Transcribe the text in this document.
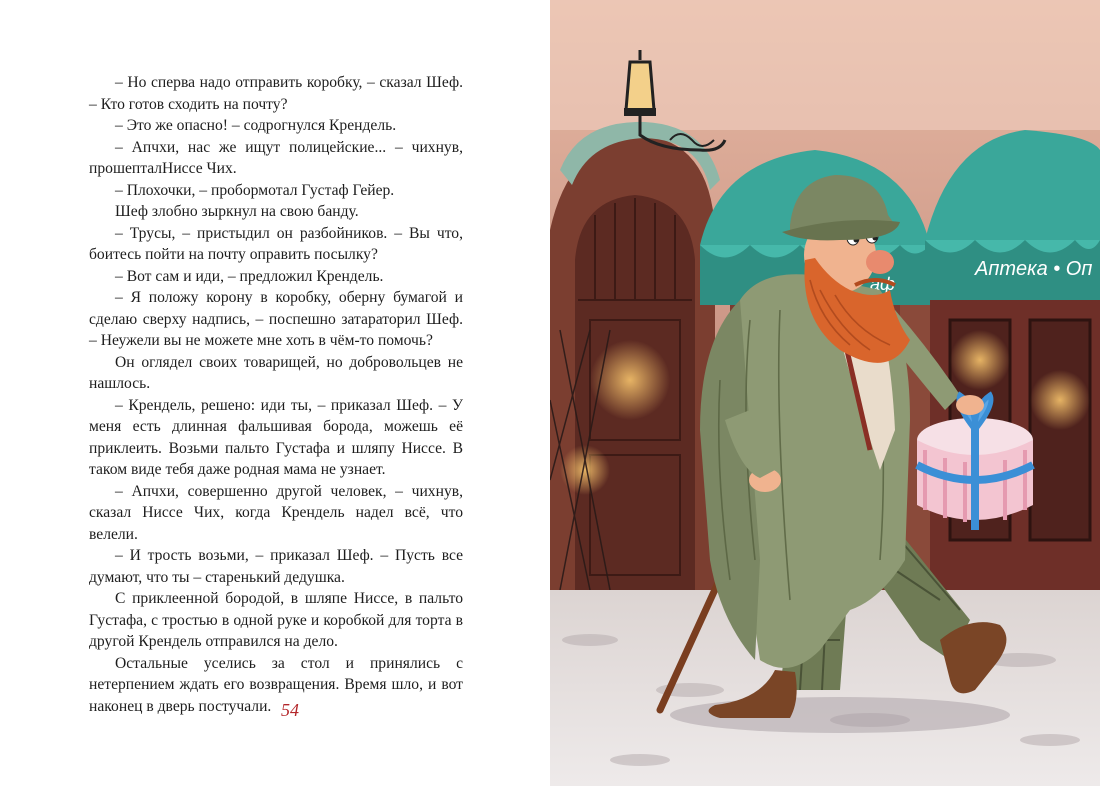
– Но сперва надо отправить коробку, – сказал Шеф. – Кто готов сходить на почту?

– Это же опасно! – содрогнулся Крендель.

– Апчхи, нас же ищут полицейские... – чихнув, прошепталНиссе Чих.

– Плохочки, – пробормотал Густаф Гейер.

Шеф злобно зыркнул на свою банду.

– Трусы, – пристыдил он разбойников. – Вы что, боитесь пойти на почту оправить посылку?

– Вот сам и иди, – предложил Крендель.

– Я положу корону в коробку, оберну бумагой и сделаю сверху надпись, – поспешно затараторил Шеф. – Неужели вы не можете мне хоть в чём-то помочь?

Он оглядел своих товарищей, но добровольцев не нашлось.

– Крендель, решено: иди ты, – приказал Шеф. – У меня есть длинная фальшивая борода, можешь её приклеить. Возьми пальто Густафа и шляпу Ниссе. В таком виде тебя даже родная мама не узнает.

– Апчхи, совершенно другой человек, – чихнув, сказал Ниссе Чих, когда Крендель надел всё, что велели.

– И трость возьми, – приказал Шеф. – Пусть все думают, что ты – старенький дедушка.

С приклеенной бородой, в шляпе Ниссе, в пальто Густафа, с тростью в одной руке и коробкой для торта в другой Крендель отправился на дело.

Остальные уселись за стол и принялись с нетерпением ждать его возвращения. Время шло, и вот наконец в дверь постучали. 54
аф
Аптека • Оп
